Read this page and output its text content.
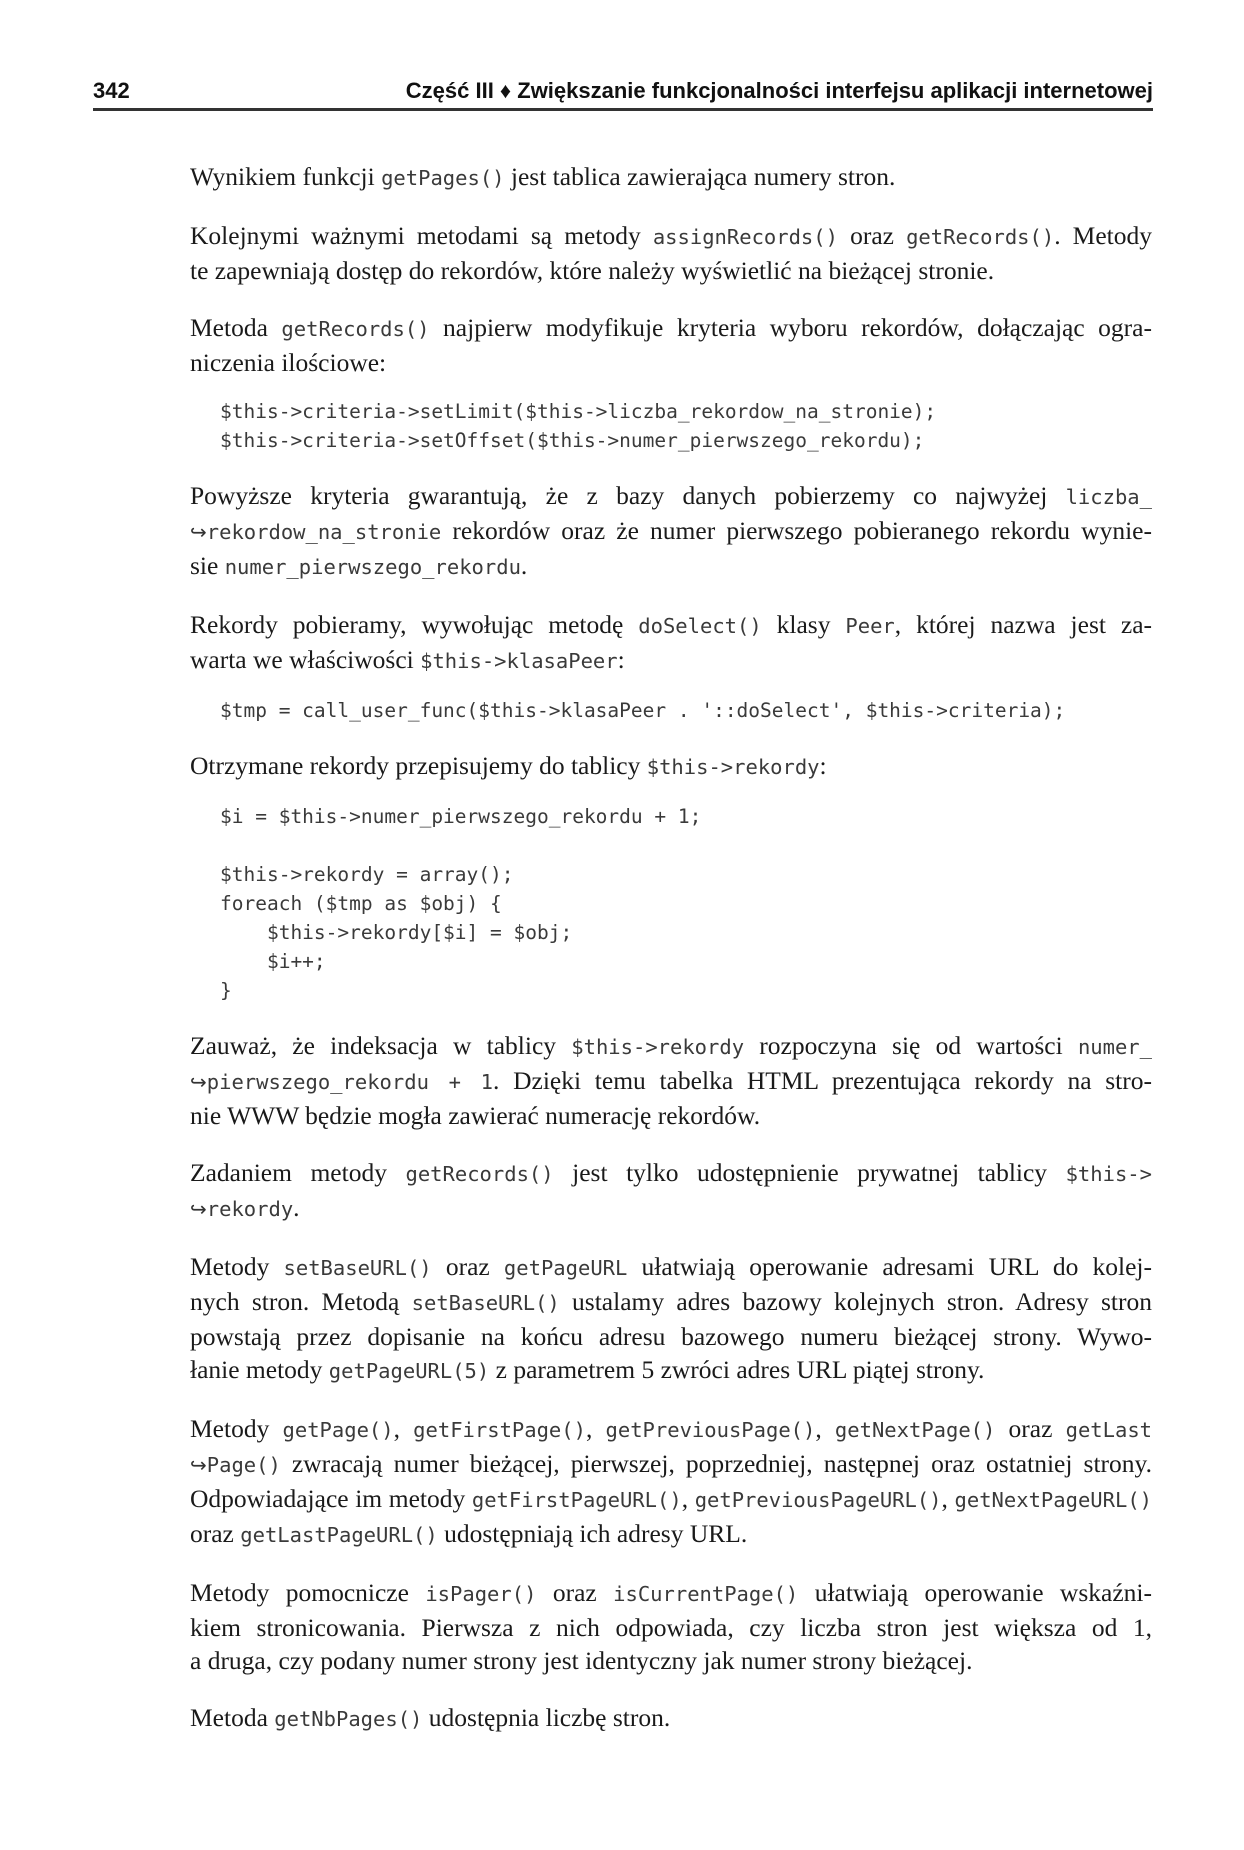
342	Część III ♦ Zwiększanie funkcjonalności interfejsu aplikacji internetowej

Wynikiem funkcji getPages() jest tablica zawierająca numery stron.

Kolejnymi ważnymi metodami są metody assignRecords() oraz getRecords(). Metody
te zapewniają dostęp do rekordów, które należy wyświetlić na bieżącej stronie.

Metoda getRecords() najpierw modyfikuje kryteria wyboru rekordów, dołączając ogra-
niczenia ilościowe:

$this->criteria->setLimit($this->liczba_rekordow_na_stronie);
$this->criteria->setOffset($this->numer_pierwszego_rekordu);

Powyższe kryteria gwarantują, że z bazy danych pobierzemy co najwyżej liczba_
↪rekordow_na_stronie rekordów oraz że numer pierwszego pobieranego rekordu wynie-
sie numer_pierwszego_rekordu.

Rekordy pobieramy, wywołując metodę doSelect() klasy Peer, której nazwa jest za-
warta we właściwości $this->klasaPeer:

$tmp = call_user_func($this->klasaPeer . '::doSelect', $this->criteria);

Otrzymane rekordy przepisujemy do tablicy $this->rekordy:

$i = $this->numer_pierwszego_rekordu + 1;

$this->rekordy = array();
foreach ($tmp as $obj) {
$this->rekordy[$i] = $obj;
$i++;
}

Zauważ, że indeksacja w tablicy $this->rekordy rozpoczyna się od wartości numer_
↪pierwszego_rekordu + 1. Dzięki temu tabelka HTML prezentująca rekordy na stro-
nie WWW będzie mogła zawierać numerację rekordów.

Zadaniem metody getRecords() jest tylko udostępnienie prywatnej tablicy $this->
↪rekordy.

Metody setBaseURL() oraz getPageURL ułatwiają operowanie adresami URL do kolej-
nych stron. Metodą setBaseURL() ustalamy adres bazowy kolejnych stron. Adresy stron
powstają przez dopisanie na końcu adresu bazowego numeru bieżącej strony. Wywo-
łanie metody getPageURL(5) z parametrem 5 zwróci adres URL piątej strony.

Metody getPage(), getFirstPage(), getPreviousPage(), getNextPage() oraz getLast
↪Page() zwracają numer bieżącej, pierwszej, poprzedniej, następnej oraz ostatniej strony.
Odpowiadające im metody getFirstPageURL(), getPreviousPageURL(), getNextPageURL()
oraz getLastPageURL() udostępniają ich adresy URL.

Metody pomocnicze isPager() oraz isCurrentPage() ułatwiają operowanie wskaźni-
kiem stronicowania. Pierwsza z nich odpowiada, czy liczba stron jest większa od 1,
a druga, czy podany numer strony jest identyczny jak numer strony bieżącej.

Metoda getNbPages() udostępnia liczbę stron.
